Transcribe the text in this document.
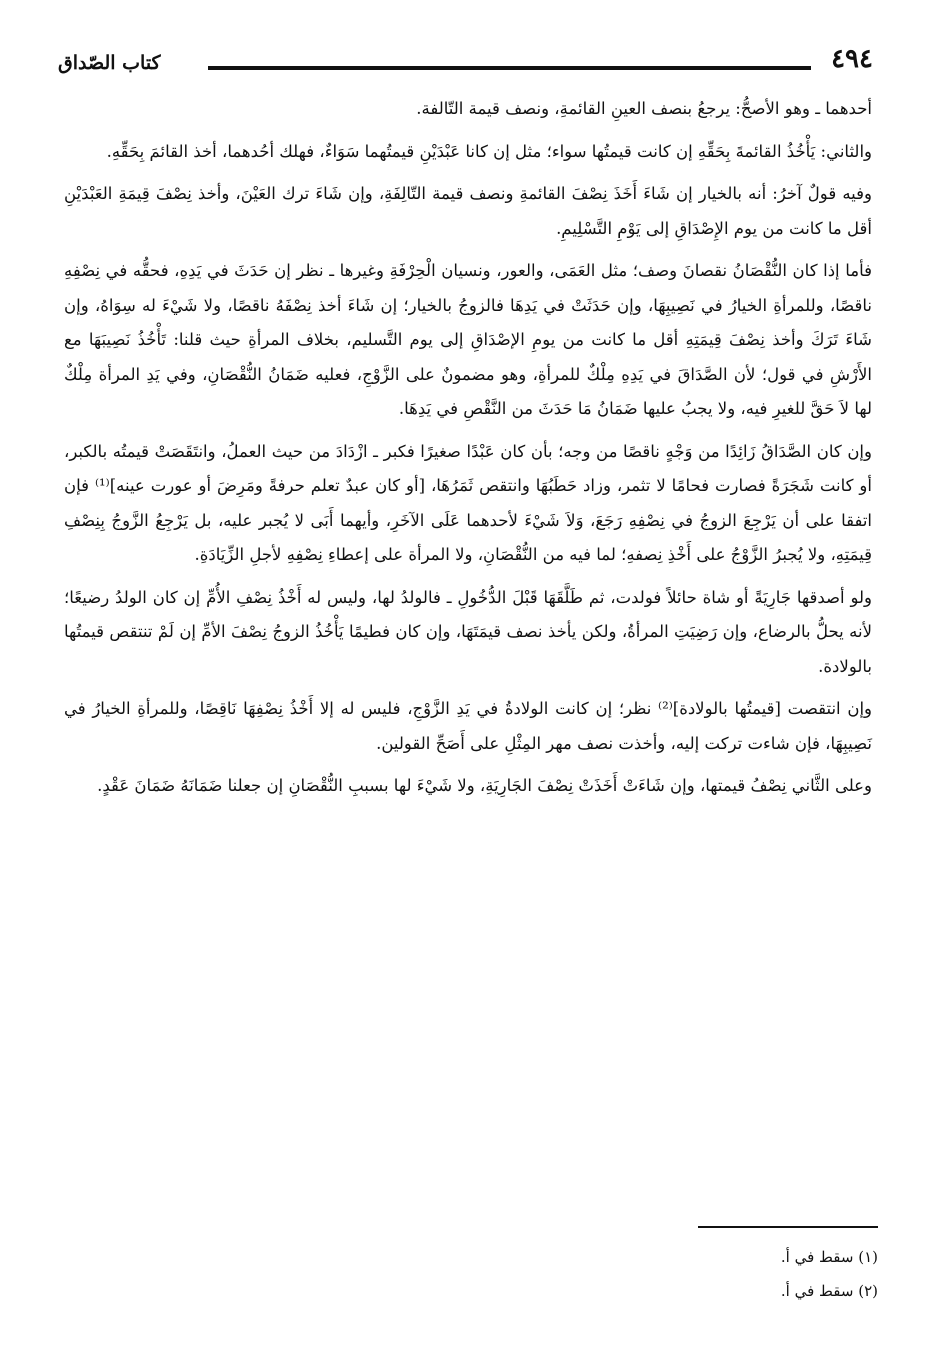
٤٩٤
كتاب الصّداق

أحدهما ـ وهو الأصحُّ: يرجعُ بنصف العينِ القائمةِ، ونصف قيمة التّالفة.

والثاني: يَأْخُذُ القائمةَ بِحَقِّهِ إن كانت قيمتُها سواء؛ مثل إن كانا عَبْدَيْنِ قيمتُهما سَوَاءٌ، فهلك أحُدهما، أخذ القائمَ بِحَقِّهِ.

وفيه قولٌ آخرُ: أنه بالخيار إن شَاءَ أَخَذَ نِصْفَ القائمةِ ونصف قيمة التّالِفَةِ، وإن شَاءَ ترك العَيْنَ، وأخذ نِصْفَ قِيمَةِ العَبْدَيْنِ أقل ما كانت من يوم الإِصْدَاقِ إلى يَوْمِ التَّسْلِيمِ.

فأما إذا كان النُّقْصَانُ نقصانَ وصف؛ مثل العَمَى، والعور، ونسيان الْحِرْفَةِ وغيرها ـ نظر إن حَدَثَ في يَدِهِ، فحقُّه في نِصْفِهِ ناقصًا، وللمرأةِ الخيارُ في نَصِيبِهَا، وإن حَدَثَتْ في يَدِهَا فالزوجُ بالخيار؛ إن شَاءَ أخذ نِصْفَهُ ناقصًا، ولا شَيْءَ له سِوَاهُ، وإن شَاءَ تَرَكَ وأخذ نِصْفَ قِيمَتِهِ أقل ما كانت من يومِ الإصْدَاقِ إلى يوم التَّسليم، بخلاف المرأةِ حيث قلنا: تَأْخُذُ نَصِيبَهَا مع الأَرْشِ في قول؛ لأن الصَّدَاقَ في يَدِهِ مِلْكٌ للمرأةِ، وهو مضمونٌ على الزَّوْجِ، فعليه ضَمَانُ النُّقْصَانِ، وفي يَدِ المرأة مِلْكٌ لها لاَ حَقَّ للغيرِ فيه، ولا يجبُ عليها ضَمَانُ مَا حَدَثَ من النَّقْصِ في يَدِهَا.

وإن كان الصَّدَاقُ زَائِدًا من وَجْهٍ ناقصًا من وجه؛ بأن كان عَبْدًا صغيرًا فكبر ـ ازْدَادَ من حيث العملُ، وانتَقَصَتْ قيمتُه بالكبر، أو كانت شَجَرَةً فصارت فحامًا لا تثمر، وزاد حَطَبُهَا وانتقص ثَمَرُهَا، [أو كان عبدٌ تعلم حرفةً ومَرِضَ أو عورت عينه]⁽¹⁾ فإن اتفقا على أن يَرْجِعَ الزوجُ في نِصْفِهِ رَجَعَ، وَلاَ شَيْءَ لأحدهما عَلَى الآخَرِ، وأيهما أَبَى لا يُجبر عليه، بل يَرْجِعُ الزَّوجُ بِنِصْفِ قِيمَتِهِ، ولا يُجبرُ الزَّوْجُ على أَخْذِ نِصفهِ؛ لما فيه من النُّقْصَانِ، ولا المرأة على إعطاءِ نِصْفِهِ لأجلِ الزِّيَادَةِ.

ولو أصدقها جَارِيَةً أو شاة حائلاً فولدت، ثم طَلَّقَهَا قَبْلَ الدُّخُولِ ـ فالولدُ لها، وليس له أَخْذُ نِصْفِ الأُمِّ إن كان الولدُ رضيعًا؛ لأنه يحلُّ بالرضاع، وإن رَضِيَتِ المرأةُ، ولكن يأخذ نصف قيمَتَهَا، وإن كان فطيمًا يَأْخُذُ الزوجُ نِصْفَ الأمِّ إن لَمْ تنتقص قيمتُها بالولادة.

وإن انتقصت [قيمتُها بالولادة]⁽²⁾ نظر؛ إن كانت الولادةُ في يَدِ الزَّوْجِ، فليس له إلا أَخْذُ نِصْفِهَا نَاقِصًا، وللمرأةِ الخيارُ في نَصِيبِهَا، فإن شاءت تركت إليه، وأخذت نصف مهر المِثْلِ على أَصَحِّ القولين.

وعلى الثَّاني نِصْفُ قيمتها، وإن شَاءَتْ أَخَذَتْ نِصْفَ الجَارِيَةِ، ولا شَيْءَ لها بسببِ النُّقْصَانِ إن جعلنا ضَمَانَهُ ضَمَانَ عَقْدٍ.

(١) سقط في أ.

(٢) سقط في أ.
